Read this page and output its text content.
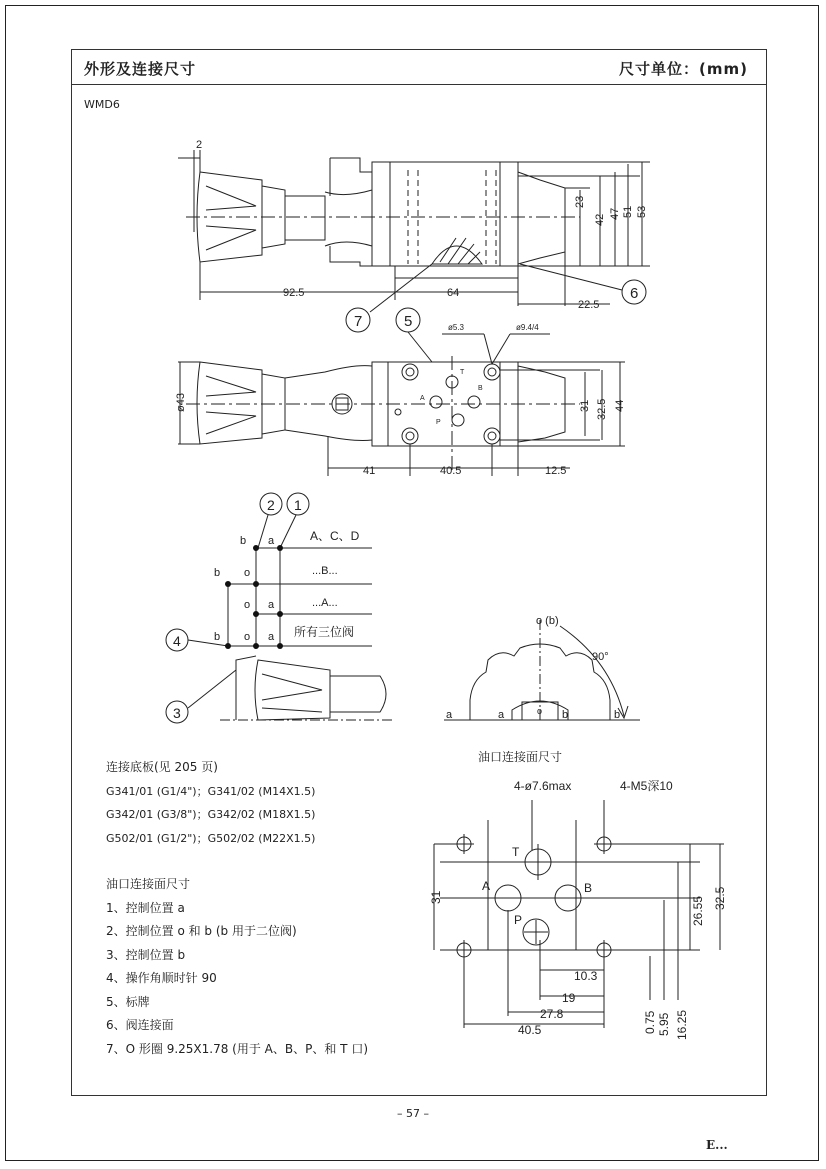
外形及连接尺寸	尺寸单位：(mm)
WMD6
2
92.5	64
22.5
23
42 47 51 53
6
7	5	ø5.3	ø9.4/4
ø43
41	40.5	12.5
31 32.5 44
T
A
B
P
2 1
4
3
b a
b o
o a
b o a
A、C、D
...B...
...A...
所有三位阀
o (b)
90°
a	a	o b	b
油口连接面尺寸
4-ø7.6max	4-M5深10
T
A	B
P
31	26.55 32.5
10.3
19
27.8
40.5	0.75 5.95 16.25
连接底板(见 205 页)
G341/01 (G1/4")；G341/02 (M14X1.5)
G342/01 (G3/8")；G342/02 (M18X1.5)
G502/01 (G1/2")；G502/02 (M22X1.5)
油口连接面尺寸
1、控制位置 a
2、控制位置 o 和 b (b 用于二位阀)
3、控制位置 b
4、操作角顺时针 90
5、标牌
6、阀连接面
7、O 形圈 9.25X1.78 (用于 A、B、P、和 T 口)
– 57 –
E...
